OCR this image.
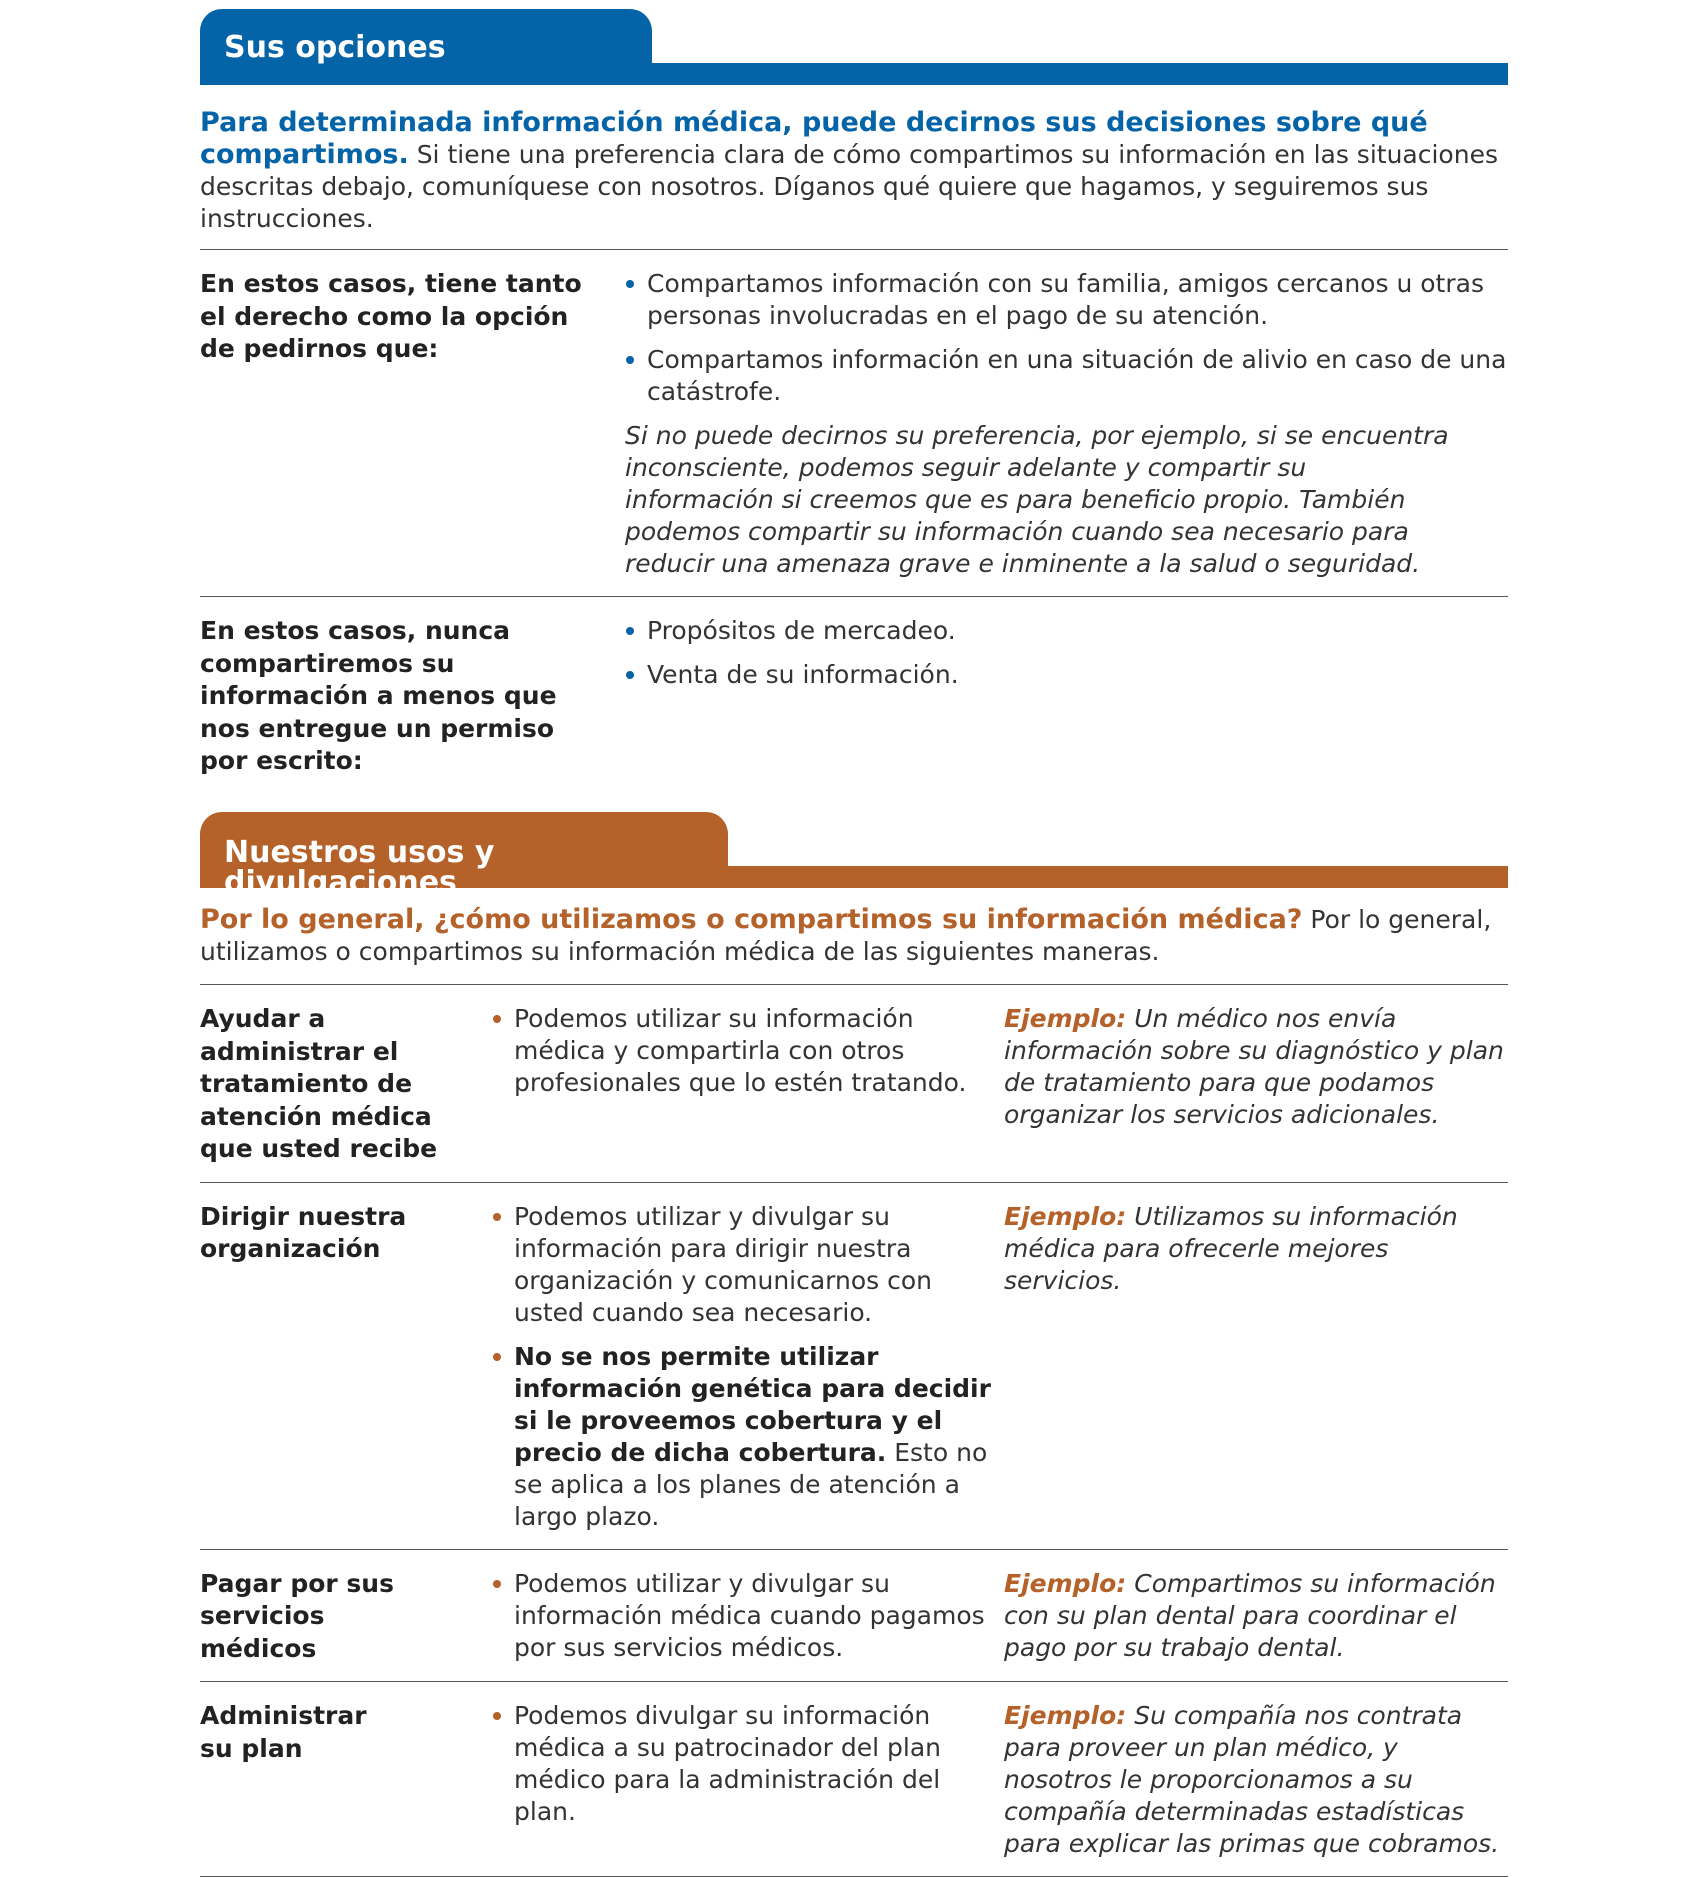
Sus opciones

Para determinada información médica, puede decirnos sus decisiones sobre qué compartimos. Si tiene una preferencia clara de cómo compartimos su información en las situaciones descritas debajo, comuníquese con nosotros. Díganos qué quiere que hagamos, y seguiremos sus instrucciones.

En estos casos, tiene tanto el derecho como la opción de pedirnos que:
Compartamos información con su familia, amigos cercanos u otras personas involucradas en el pago de su atención.
Compartamos información en una situación de alivio en caso de una catástrofe.

Si no puede decirnos su preferencia, por ejemplo, si se encuentra inconsciente, podemos seguir adelante y compartir su información si creemos que es para beneficio propio. También podemos compartir su información cuando sea necesario para reducir una amenaza grave e inminente a la salud o seguridad.

En estos casos, nunca compartiremos su información a menos que nos entregue un permiso por escrito:
Propósitos de mercadeo.
Venta de su información.
Nuestros usos y divulgaciones

Por lo general, ¿cómo utilizamos o compartimos su información médica? Por lo general, utilizamos o compartimos su información médica de las siguientes maneras.

Ayudar a administrar el tratamiento de atención médica que usted recibe
Podemos utilizar su información médica y compartirla con otros profesionales que lo estén tratando.

Ejemplo: Un médico nos envía información sobre su diagnóstico y plan de tratamiento para que podamos organizar los servicios adicionales.

Dirigir nuestra organización
Podemos utilizar y divulgar su información para dirigir nuestra organización y comunicarnos con usted cuando sea necesario.
No se nos permite utilizar información genética para decidir si le proveemos cobertura y el precio de dicha cobertura. Esto no se aplica a los planes de atención a largo plazo.

Ejemplo: Utilizamos su información médica para ofrecerle mejores servicios.

Pagar por sus servicios médicos
Podemos utilizar y divulgar su información médica cuando pagamos por sus servicios médicos.

Ejemplo: Compartimos su información con su plan dental para coordinar el pago por su trabajo dental.

Administrar su plan
Podemos divulgar su información médica a su patrocinador del plan médico para la administración del plan.

Ejemplo: Su compañía nos contrata para proveer un plan médico, y nosotros le proporcionamos a su compañía determinadas estadísticas para explicar las primas que cobramos.
